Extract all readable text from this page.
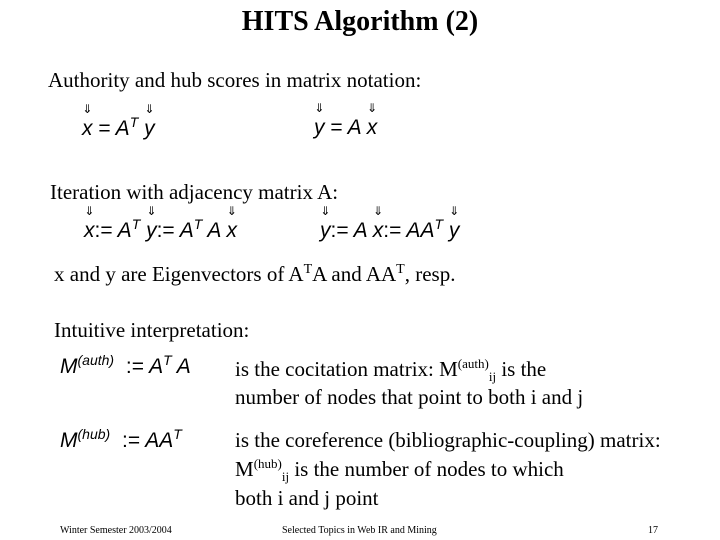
HITS Algorithm (2)
Authority and hub scores in matrix notation:
⇓ $x = A^T$ ⇓ y	⇓ y = A ⇓ x
Iteration with adjacency matrix A:
⇓ x:= $A^T$ ⇓ y:= $A^T$ A ⇓ x	⇓ y:= A ⇓ x:= $AA^T$ ⇓ y
x and y are Eigenvectors of $A^TA$ and $AA^T$, resp.
Intuitive interpretation:
$M^{(auth)}$ := $A^T$ A is the cocitation matrix: $M^{(auth)}_{ij}$ is the
number of nodes that point to both i and j
$M^{(hub)}$ := $AA^T$	is the coreference (bibliographic-coupling) matrix:
$M^{(hub)}_{ij}$ is the number of nodes to which
both i and j point
Winter Semester 2003/2004	Selected Topics in Web IR and Mining	17
